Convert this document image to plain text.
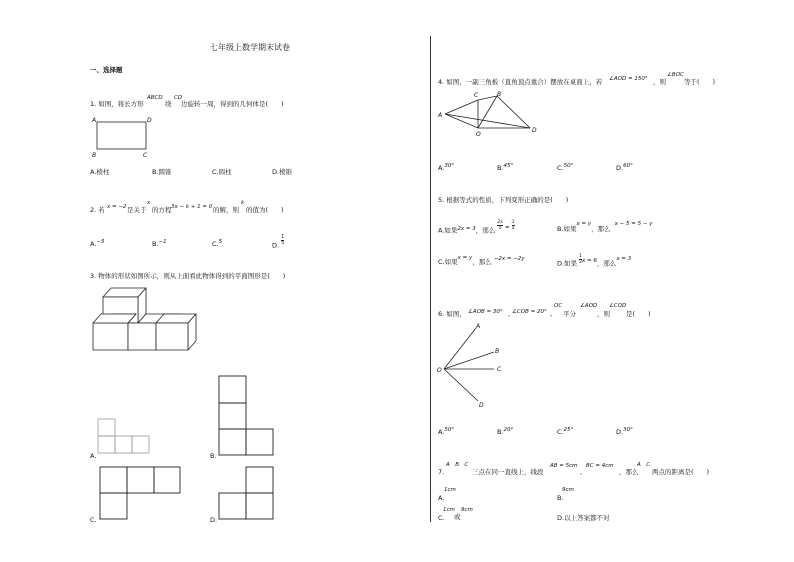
七年级上数学期末试卷
一、选择题
1. 如图，将长方形
ABCD
绕
CD
边旋转一周，得到的几何体是(　　)
A	D
B	C
A.棱柱	B.圆锥	C.圆柱	D.棱锥
2. 若 x = −2 是关于
x
的方程 3x − k + 1 = 0 的解，则
k
的值为(　　)
A.$^{-5}$	B.$^{-1}$	C.$^5$	D. $\frac{1}{5}$
3. 物体的形状如图所示，则从上面看此物体得到的平面图形是(　　)
A.	B.
C.	D.
4. 如图，一副三角板（直角顶点重合）摆放在桌面上，若 ∠AOD = 150° ，则
∠BOC
等于(　　)
A
C	B
O
D
A.$^{30^\circ}$	B.$^{45^\circ}$	C.$^{50^\circ}$	D.$^{60^\circ}$
5. 根据等式的性质，下列变形正确的是(　　)
A.如果$^{2x = 3}$，那么 $\frac{2x}{a} ^= \frac{3}{a}$	B.如果$^{x = y}$，那么$^{x - 5 = 5 - y}$
C.如果$^{x = y}$，那么 $^{-2x = -2y}$
D.如果 $\frac{1}{2} ^{x = 6}$，那么$^{x = 3}$
6. 如图， ∠AOB = 30° , ∠COB = 20° ,
OC
平分
∠AOD
，则
∠COD
是(　　)
O
A
B
C
D
A.$^{50^\circ}$	B.$^{20^\circ}$	C.$^{25^\circ}$	D.$^{30^\circ}$
7.
A　B　C
三点在同一直线上，线段
AB = 5cm
,
BC = 4cm
，那么
A　C
两点的距离是(　　)
1cm
A.
9cm
B.
1cm 9cm
C. 或	D.以上答案都不对
